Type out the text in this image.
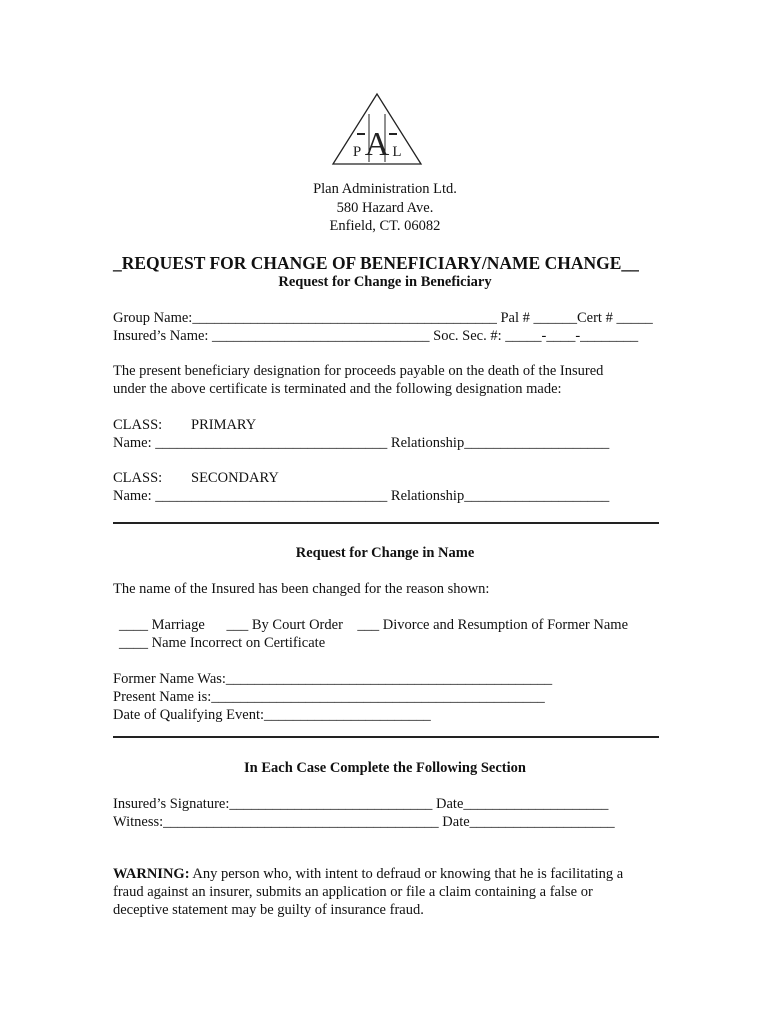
A
P L
Plan Administration Ltd.
580 Hazard Ave.
Enfield, CT. 06082
_REQUEST FOR CHANGE OF BENEFICIARY/NAME CHANGE__
Request for Change in Beneficiary
Group Name:__________________________________________ Pal # ______Cert # _____
Insured’s Name: ______________________________ Soc. Sec. #: _____-____-________
The present beneficiary designation for proceeds payable on the death of the Insured
under the above certificate is terminated and the following designation made:
CLASS: PRIMARY
Name: ________________________________ Relationship____________________
CLASS: SECONDARY
Name: ________________________________ Relationship____________________
Request for Change in Name
The name of the Insured has been changed for the reason shown:
____ Marriage      ___ By Court Order    ___ Divorce and Resumption of Former Name
____ Name Incorrect on Certificate
Former Name Was:_____________________________________________
Present Name is:______________________________________________
Date of Qualifying Event:_______________________
In Each Case Complete the Following Section
Insured’s Signature:____________________________ Date____________________
Witness:______________________________________ Date____________________
WARNING: Any person who, with intent to defraud or knowing that he is facilitating a
fraud against an insurer, submits an application or file a claim containing a false or
deceptive statement may be guilty of insurance fraud.
